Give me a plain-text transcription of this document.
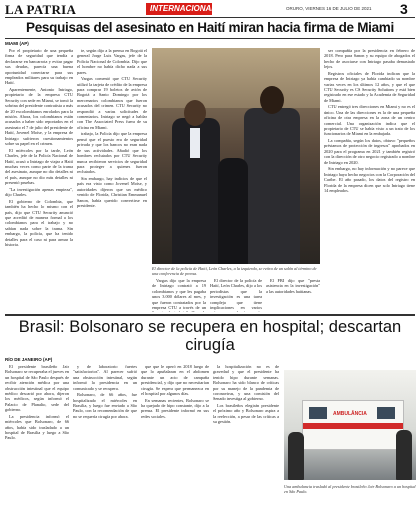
LA PATRIA	INTERNACIONAL	ORURO, VIERNES 16 DE JULIO DE 2021 3
Pesquisas del asesinato en Haití miran hacia firma de Miami
MIAMI (AP)

Por el propietario de una pequeña firma de seguridad que tendía a declararse en bancarrota y evitar pagar sus deudas, parecía una buena oportunidad conectarse para sus empleados militares para su trabajo en Haití.

Aparentemente, Antonio Intriago, propietario de la empresa CTU Security con sede en Miami, se tomó la sobrina del presidente contratista a más de 20 excolombianos enrolados para la misión. Ahora, los colombianos están acusados a haber sido reportados en el asesinato el 7 de julio del presidente de Haití, Jovenel Moïse, y la empresa de Intriago sufrieron cuestionamientos sobre su papel en el crimen.

El miércoles por la tarde, León Charles, jefe de la Policía Nacional de Haití, acusó a Intriago de viajar a Haití muchas veces como parte de la trama del asesinato, aunque no dio detalles ni el país, aunque no dio más detalles ni presentó pruebas.

"La investigación apenas empieza", dijo Charles.

El gobierno de Colombia, que también ha hecho lo mismo con el país, dijo que CTU Security anunció que acreditó de manera formal a los colombianos para el trabajo y no sabían nada sobre la trama. Sin embargo, la policía, que ha tenido detalles para el caso ni para armar la historia.

te, según dijo a la prensa en Bogotá el general Jorge Luis Vargas, jefe de la Policía Nacional de Colombia. Dijo que el hombre no había dicho nada a sus pares.

Vargas comentó que CTU Security utilizó la tarjeta de crédito de la empresa para comprar 19 boletos de avión de Bogotá a Santo Domingo por los mercenarios colombianos que fueron acusados del crimen. CTU Security no respondió a varias solicitudes de comentarios. Intriago se negó a hablar con The Associated Press fuera de su oficina en Miami.

trabajo, la Policía dijo que la empresa pensó que el puesto era de seguridad privada y que los bancos no eran nada de sus actividades. Añadió que los hombres reclutados por CTU Security nunca recibieron servicios de seguridad para proteger a quienes fueron reclutados.

Sin embargo, hay indicios de que el país era visto como Jovenel Moïse, y autoridades dijeron que un médico venido de Florida, Christian Emmanuel Sanon, había querido convertirse en presidente.

El director de la policía de Haití, León Charles, a la izquierda, se retira de un salón al término de una conferencia de prensa.

Vargas dijo que la empresa de Intriago contrató a 19 colombianos y que les pagaba unos 3.000 dólares al mes, y que fueron contratados por la empresa CTU a través de un

El director de la policía de Haití, León Charles, dijo a los periodistas que la investigación es una tarea compleja que tiene implicaciones en varios

El FBI dijo que "presta asistencia en la investigación" a las autoridades haitianas.

ser compañía por la presidencia en febrero de 2018. Pero para Sanon y su equipo de abogados el hecho de asociarse con Intriago pasaba demasiado lejos.

Registros oficiales de Florida indican que la empresa de Intriago ya había cambiado su nombre varias veces en los últimos 12 años, y que el que CTU Security es CS Security Solutions y está bien registrado en ese estado y la Academia de Seguridad de Miami.

CTU entregó tres direcciones en Miami y no es el único. Una de las direcciones es la de una pequeña oficina de otra empresa en la zona de un centro comercial. Una organización indica que el propietario de CTU se había visto a un trato de los funcionarios de Miami en la embajada.

La compañía, según los datos, obtuvo "pequeños préstamos de protección de ingresos" aprobados en 2020 para el programa en 2021 y también registró con la dirección de otro negocio registrado a nombre de Intriago en 2020.

Sin embargo, no hay información y no parece que Intriago haya hecho negocios con la Corporación del Caribe. El año pasado, los datos del registro en Florida de la empresa dicen que solo Intriago tiene 14 empleados.

Brasil: Bolsonaro se recupera en hospital; descartan cirugía
RÍO DE JANEIRO (AP)

El presidente brasileño Jair Bolsonaro se recuperaba el jueves en un hospital de São Paulo después de recibir atención médica por una obstrucción intestinal que el equipo médico descartó por ahora, dijeron los médicos, según informó el Palacio de Planalto, sede del gobierno.

La presidencia informó el miércoles que Bolsonaro, de 66 años, había sido trasladado a un hospital de Brasilia y luego a São Paulo.

y de laboratorio fuertes "satisfactorios". Al parecer sufrió una obstrucción intestinal, según informó la presidencia en un comunicado y se recupera.

Bolsonaro, de 66 años, fue hospitalizado el miércoles en Brasilia, y luego fue enviado a São Paulo, con la recomendación de que no se requería cirugía por ahora.

que que le operó en 2018 luego de que lo apuñalaran en el abdomen durante un acto de campaña presidencial, y dijo que no necesitarían cirugía. Se espera que permanezca en el hospital por algunos días.

En semanas recientes, Bolsonaro se ha quejado de hipo constante, dijo a la prensa. El presidente informó en sus redes sociales.

la hospitalización no es de gravedad y que el presidente ha tenido hipo durante semanas. Bolsonaro ha sido blanco de críticas por su manejo de la pandemia de coronavirus, y una comisión del Senado investiga al gobierno.

Los brasileños elegirán presidente el próximo año y Bolsonaro aspira a la reelección, a pesar de las críticas a su gestión.

AMBULÂNCIA
Una ambulancia trasladó al presidente brasileño Jair Bolsonaro a un hospital en São Paulo.
